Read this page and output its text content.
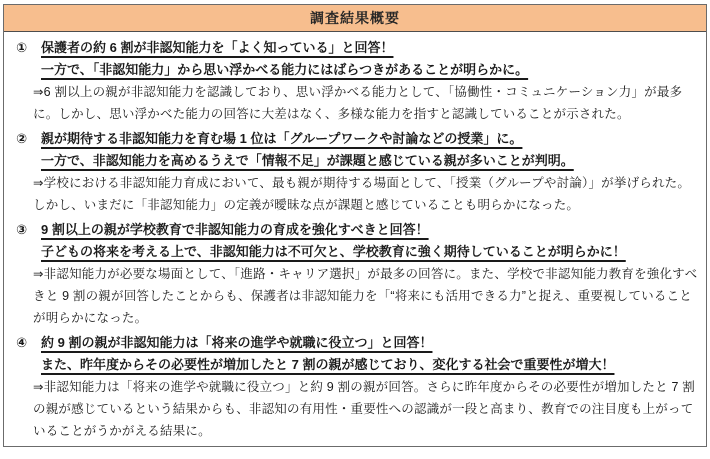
調査結果概要
①	保護者の約 6 割が非認知能力を「よく知っている」と回答！
一方で、「非認知能力」から思い浮かべる能力にはばらつきがあることが明らかに。
⇒6 割以上の親が非認知能力を認識しており、思い浮かべる能力として、「協働性・コミュニケーション力」が最多に。しかし、思い浮かべた能力の回答に大差はなく、多様な能力を指すと認識していることが示された。
②	親が期待する非認知能力を育む場 1 位は「グループワークや討論などの授業」に。
一方で、非認知能力を高めるうえで「情報不足」が課題と感じている親が多いことが判明。
⇒学校における非認知能力育成において、最も親が期待する場面として、「授業（グループや討論）」が挙げられた。しかし、いまだに「非認知能力」の定義が曖昧な点が課題と感じていることも明らかになった。
③	9 割以上の親が学校教育で非認知能力の育成を強化すべきと回答！
子どもの将来を考える上で、非認知能力は不可欠と、学校教育に強く期待していることが明らかに！
⇒非認知能力が必要な場面として、「進路・キャリア選択」が最多の回答に。また、学校で非認知能力教育を強化すべきと 9 割の親が回答したことからも、保護者は非認知能力を「“将来にも活用できる力”と捉え、重要視していることが明らかになった。
④	約 9 割の親が非認知能力は「将来の進学や就職に役立つ」と回答！
また、昨年度からその必要性が増加したと 7 割の親が感じており、変化する社会で重要性が増大！
⇒非認知能力は「将来の進学や就職に役立つ」と約 9 割の親が回答。さらに昨年度からその必要性が増加したと 7 割の親が感じているという結果からも、非認知の有用性・重要性への認識が一段と高まり、教育での注目度も上がっていることがうかがえる結果に。
